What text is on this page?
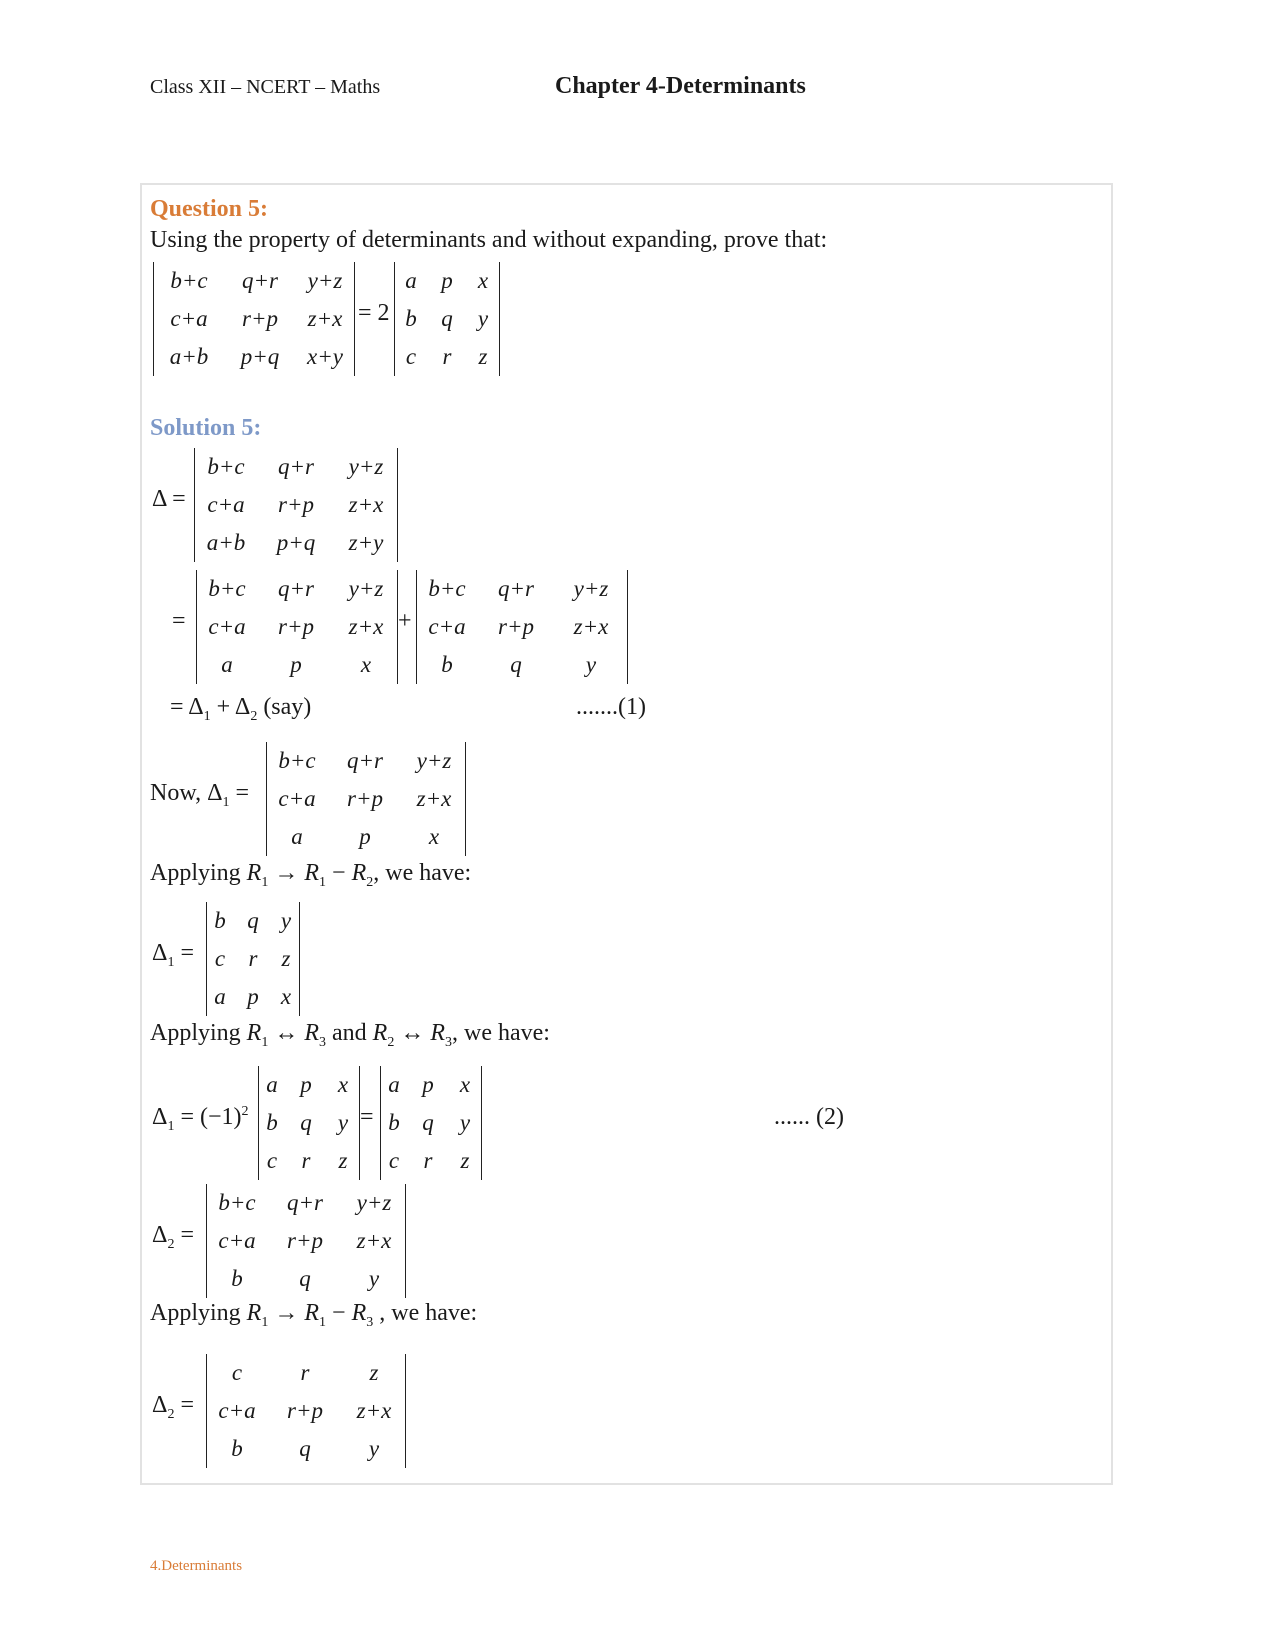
Class XII – NCERT – Maths	Chapter 4-Determinants
Question 5:
Using the property of determinants and without expanding, prove that:
b+c	q+r	y+z
c+a	r+p	z+x
a+b	p+q	x+y
= 2
a	p	x
b	q	y
c	r	z
Solution 5:
Δ =
b+c	q+r	y+z
c+a	r+p	z+x
a+b	p+q	z+y
=
b+c	q+r	y+z
c+a	r+p	z+x
a	p	x
+
b+c	q+r	y+z
c+a	r+p	z+x
b	q	y
= $\Delta_1 + \Delta_2$ (say)	.......(1)
Now, $\Delta_1$ =
b+c	q+r	y+z
c+a	r+p	z+x
a	p	x
Applying $R_1 \to R_1 - R_2$, we have:
$\Delta_1$ =
b	q	y
c	r	z
a	p	x
Applying $R_1$ ↔ $R_3$ and $R_2$ ↔ $R_3$, we have:
$\Delta_1 = (-1)^2$
a	p	x
b	q	y
c	r	z
=
a	p	x
b	q	y
c	r	z
...... (2)
$\Delta_2$ =
b+c	q+r	y+z
c+a	r+p	z+x
b	q	y
Applying $R_1 \to R_1 - R_3$ , we have:
$\Delta_2$ =
c	r	z
c+a	r+p	z+x
b	q	y
4.Determinants
